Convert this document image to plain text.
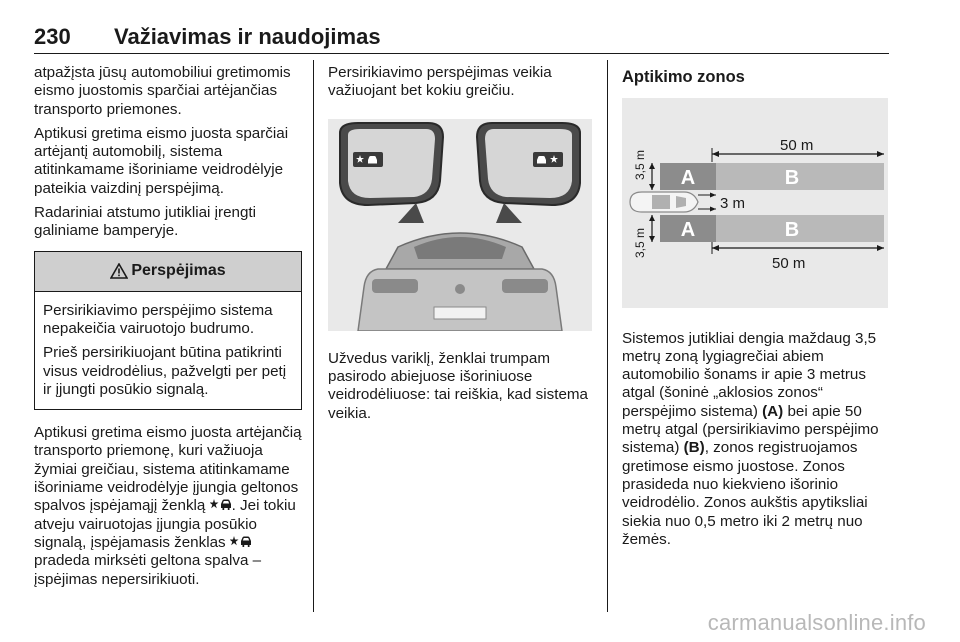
230 Važiavimas ir naudojimas

atpažįsta jūsų automobiliui gretimomis eismo juostomis sparčiai artėjančias transporto priemones.

Aptikusi gretima eismo juosta sparčiai artėjantį automobilį, sistema atitinkamame išoriniame veidrodėlyje pateikia vaizdinį perspėjimą.

Radariniai atstumo jutikliai įrengti galiniame bamperyje.

Perspėjimas

Persirikiavimo perspėjimo sistema nepakeičia vairuotojo budrumo.

Prieš persirikiuojant būtina patikrinti visus veidrodėlius, pažvelgti per petį ir įjungti posūkio signalą.

Aptikusi gretima eismo juosta artėjančią transporto priemonę, kuri važiuoja žymiai greičiau, sistema atitinkamame išoriniame veidrodėlyje įjungia geltonos spalvos įspėjamąjį ženklą . Jei tokiu atveju vairuotojas įjungia posūkio signalą, įspėjamasis ženklas  pradeda mirksėti geltona spalva – įspėjimas nepersirikiuoti.

Persirikiavimo perspėjimas veikia važiuojant bet kokiu greičiu.

Užvedus variklį, ženklai trumpam pasirodo abiejuose išoriniuose veidrodėliuose: tai reiškia, kad sistema veikia.

Aptikimo zonos
50 m
A	B
3,5 m
3 m
A	B
3,5 m
50 m

Sistemos jutikliai dengia maždaug 3,5 metrų zoną lygiagrečiai abiem automobilio šonams ir apie 3 metrus atgal (šoninė „aklosios zonos“ perspėjimo sistema) (A) bei apie 50 metrų atgal (persirikiavimo perspėjimo sistema) (B), zonos registruojamos gretimose eismo juostose. Zonos prasideda nuo kiekvieno išorinio veidrodėlio. Zonos aukštis apytiksliai siekia nuo 0,5 metro iki 2 metrų nuo žemės.

carmanualsonline.info
